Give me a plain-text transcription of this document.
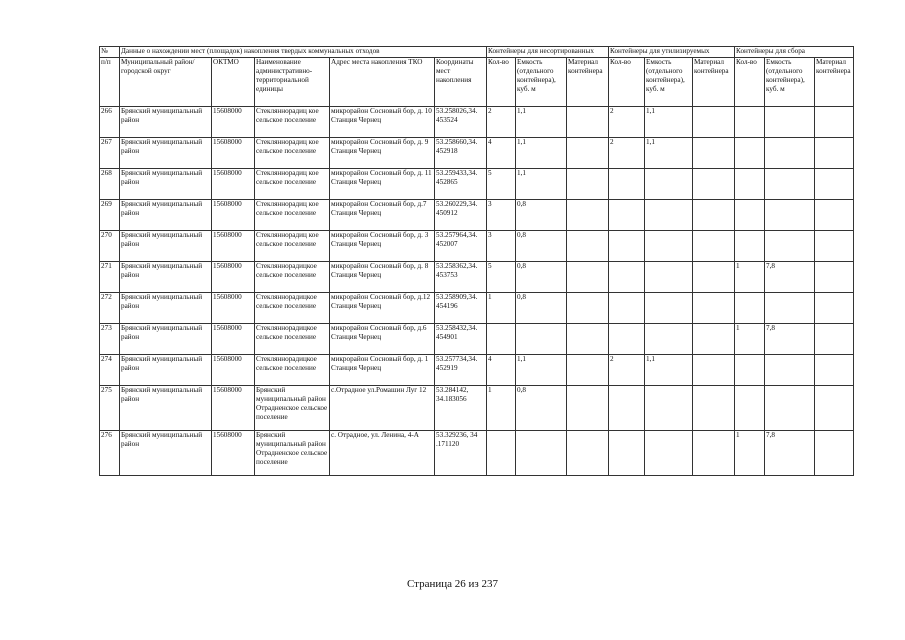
№	Данные о нахождении мест (площадок) накопления твердых коммунальных отходов					Контейнеры для несортированных			Контейнеры для утилизируемых			Контейнеры для сбора		
п/п	Муниципальный район/городской округ	ОКТМО	Наименование административно-территориальной единицы	Адрес места накопления ТКО	Координаты мест накопления	Кол-во	Емкость (отдельного контейнера), куб. м	Материал контейнера	Кол-во	Емкость (отдельного контейнера), куб. м	Материал контейнера	Кол-во	Емкость (отдельного контейнера), куб. м	Материал контейнера
266	Брянский муниципальный район	15608000	Стекляннорадиц кое сельское поселение	микрорайон Сосновый бор, д. 10 Станция Чернец	53.258026,34. 453524	2	1,1		2	1,1				
267	Брянский муниципальный район	15608000	Стекляннорадиц кое сельское поселение	микрорайон Сосновый бор, д. 9 Станция Чернец	53.258660,34. 452918	4	1,1		2	1,1				
268	Брянский муниципальный район	15608000	Стекляннорадиц кое сельское поселение	микрорайон Сосновый бор, д. 11 Станция Чернец	53.259433,34. 452865	5	1,1							
269	Брянский муниципальный район	15608000	Стекляннорадиц кое сельское поселение	микрорайон Сосновый бор, д.7 Станция Чернец	53.260229,34. 450912	3	0,8							
270	Брянский муниципальный район	15608000	Стекляннорадиц кое сельское поселение	микрорайон Сосновый бор, д. 3 Станция Чернец	53.257964,34. 452007	3	0,8							
271	Брянский муниципальный район	15608000	Стекляннорадицкое сельское поселение	микрорайон Сосновый бор, д. 8 Станция Чернец	53.258362,34. 453753	5	0,8					1	7,8	
272	Брянский муниципальный район	15608000	Стекляннорадицкое сельское поселение	микрорайон Сосновый бор, д.12 Станция Чернец	53.258909,34. 454196	1	0,8							
273	Брянский муниципальный район	15608000	Стекляннорадицкое сельское поселение	микрорайон Сосновый бор, д.6 Станция Чернец	53.258432,34. 454901							1	7,8	
274	Брянский муниципальный район	15608000	Стекляннорадицкое сельское поселение	микрорайон Сосновый бор, д. 1 Станция Чернец	53.257734,34. 452919	4	1,1		2	1,1				
275	Брянский муниципальный район	15608000	Брянский муниципальный район Отрадненское сельское поселение	с.Отрадное ул.Ромашин Луг 12	53.284142, 34.183056	1	0,8							
276	Брянский муниципальный район	15608000	Брянский муниципальный район Отрадненское сельское поселение	с. Отрадное, ул. Ленина, 4-А	53.329236, 34 .171120							1	7,8	
Страница 26 из 237
